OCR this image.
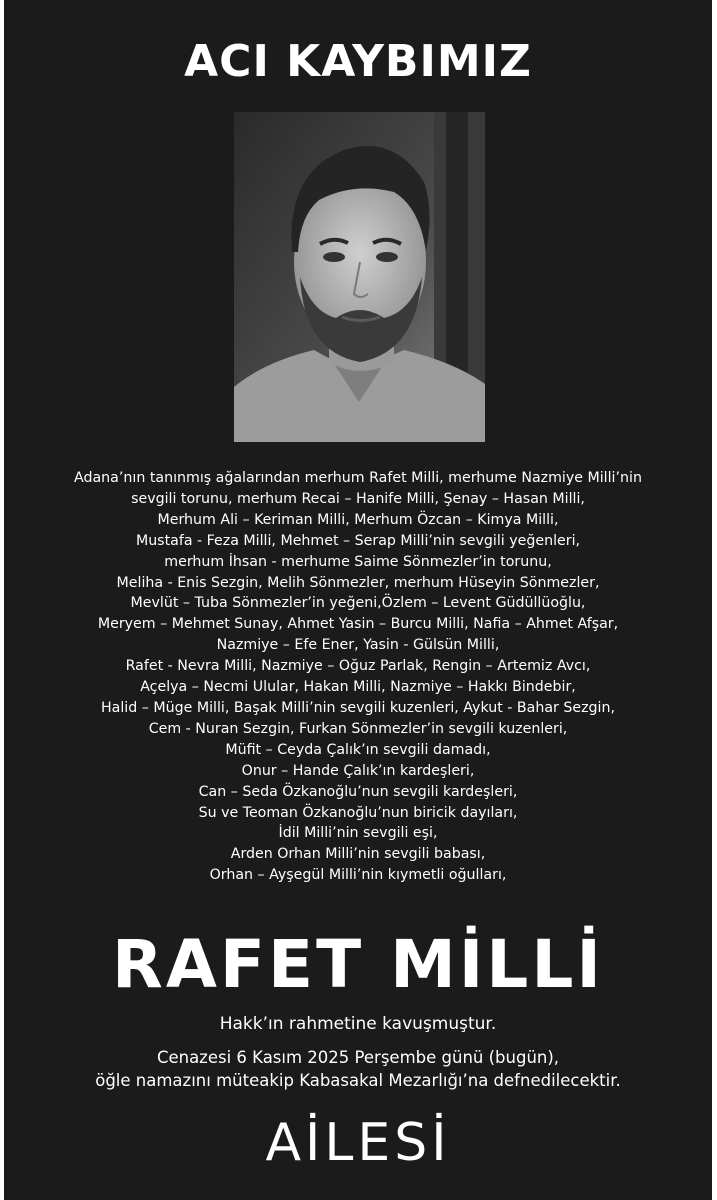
ACI KAYBIMIZ
Adana’nın tanınmış ağalarından merhum Rafet Milli, merhume Nazmiye Milli’nin
sevgili torunu, merhum Recai – Hanife Milli, Şenay – Hasan Milli,
Merhum Ali – Keriman Milli, Merhum Özcan – Kimya Milli,
Mustafa - Feza Milli, Mehmet – Serap Milli’nin sevgili yeğenleri,
merhum İhsan - merhume Saime Sönmezler’in torunu,
Meliha - Enis Sezgin, Melih Sönmezler, merhum Hüseyin Sönmezler,
Mevlüt – Tuba Sönmezler’in yeğeni,Özlem – Levent Güdüllüoğlu,
Meryem – Mehmet Sunay, Ahmet Yasin – Burcu Milli, Nafia – Ahmet Afşar,
Nazmiye – Efe Ener, Yasin - Gülsün Milli,
Rafet - Nevra Milli, Nazmiye – Oğuz Parlak, Rengin – Artemiz Avcı,
Açelya – Necmi Ulular, Hakan Milli, Nazmiye – Hakkı Bindebir,
Halid – Müge Milli, Başak Milli’nin sevgili kuzenleri, Aykut - Bahar Sezgin,
Cem - Nuran Sezgin, Furkan Sönmezler’in sevgili kuzenleri,
Müfit – Ceyda Çalık’ın sevgili damadı,
Onur – Hande Çalık’ın kardeşleri,
Can – Seda Özkanoğlu’nun sevgili kardeşleri,
Su ve Teoman Özkanoğlu’nun biricik dayıları,
İdil Milli’nin sevgili eşi,
Arden Orhan Milli’nin sevgili babası,
Orhan – Ayşegül Milli’nin kıymetli oğulları,
RAFET MİLLİ
Hakk’ın rahmetine kavuşmuştur.
Cenazesi 6 Kasım 2025 Perşembe günü (bugün),
öğle namazını müteakip Kabasakal Mezarlığı’na defnedilecektir.
AİLESİ
